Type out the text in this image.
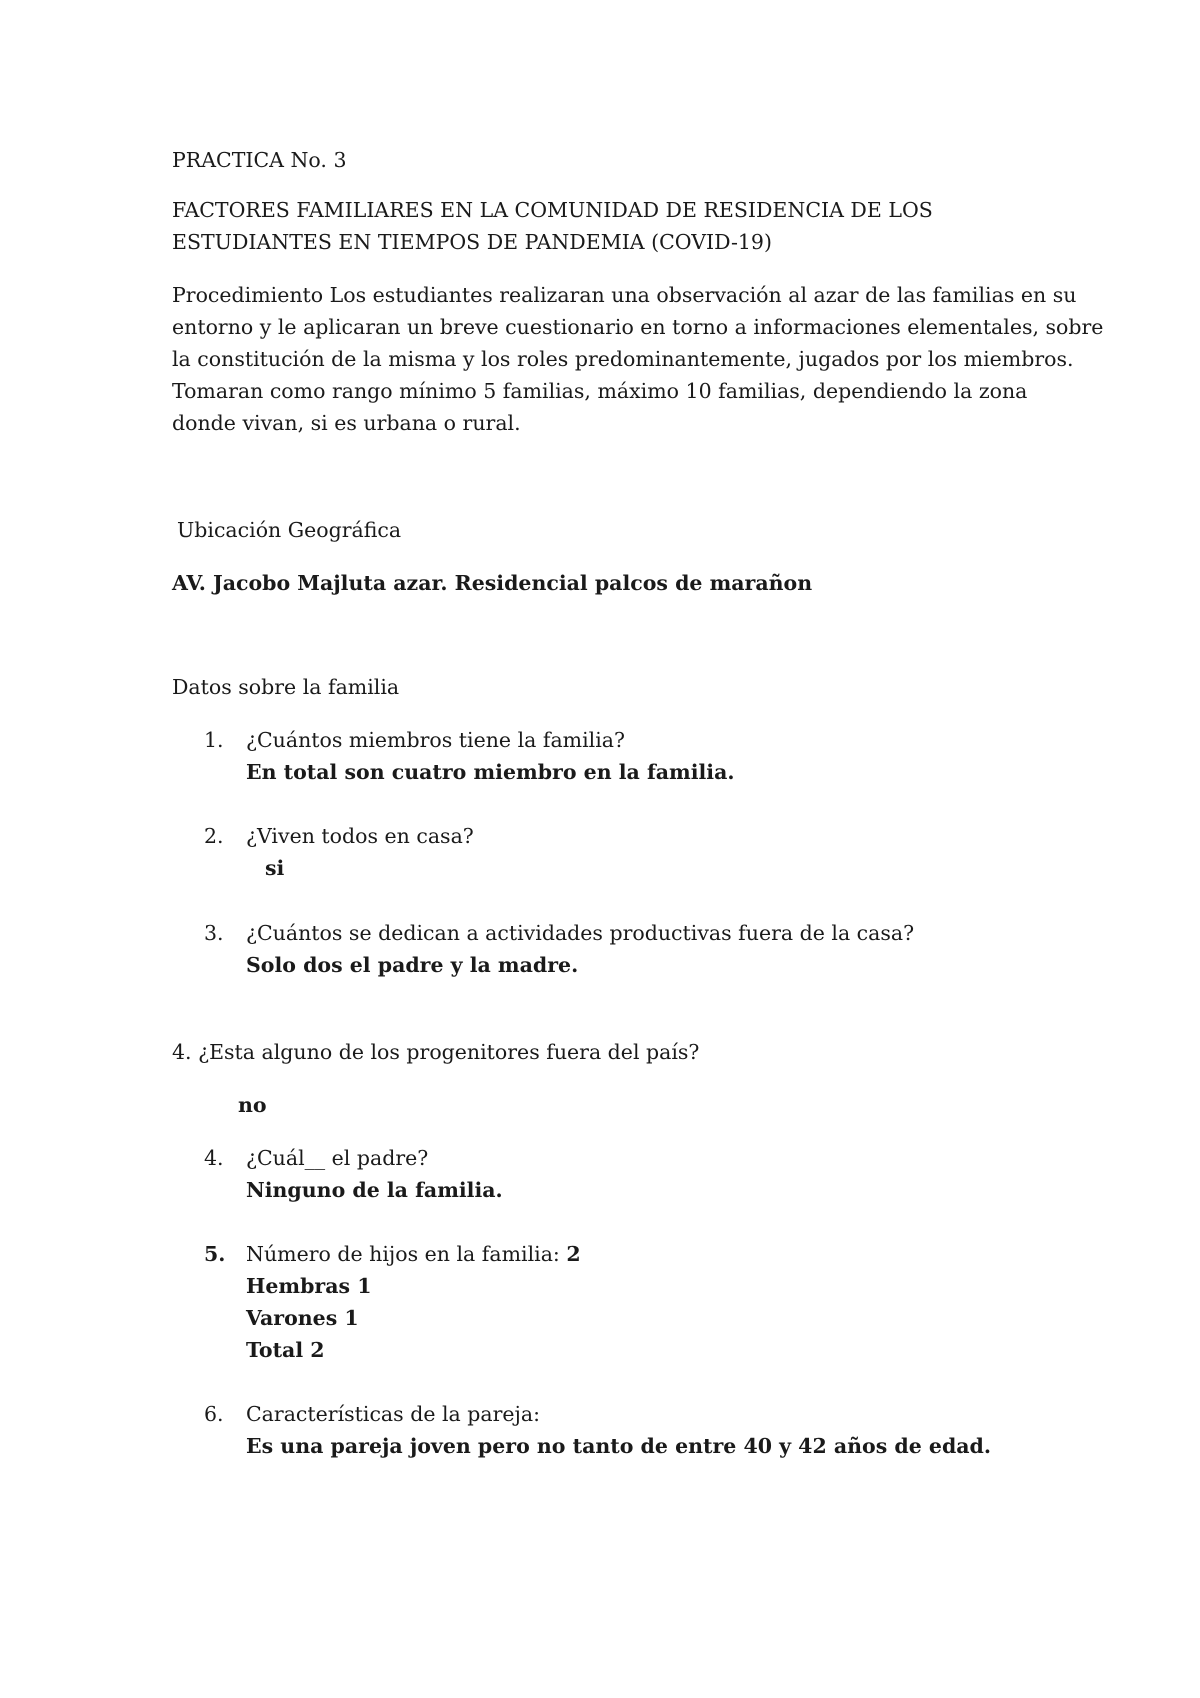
PRACTICA No. 3
FACTORES FAMILIARES EN LA COMUNIDAD DE RESIDENCIA DE LOS
ESTUDIANTES EN TIEMPOS DE PANDEMIA (COVID-19)
Procedimiento Los estudiantes realizaran una observación al azar de las familias en su
entorno y le aplicaran un breve cuestionario en torno a informaciones elementales, sobre
la constitución de la misma y los roles predominantemente, jugados por los miembros.
Tomaran como rango mínimo 5 familias, máximo 10 familias, dependiendo la zona
donde vivan, si es urbana o rural.
Ubicación Geográfica
AV. Jacobo Majluta azar. Residencial palcos de marañon
Datos sobre la familia
1.	¿Cuántos miembros tiene la familia?
En total son cuatro miembro en la familia.
2.	¿Viven todos en casa?
si
3.	¿Cuántos se dedican a actividades productivas fuera de la casa?
Solo dos el padre y la madre.
4. ¿Esta alguno de los progenitores fuera del país?
no
4.	¿Cuál__ el padre?
Ninguno de la familia.
5. Número de hijos en la familia: 2
Hembras 1
Varones 1
Total 2
6.	Características de la pareja:
Es una pareja joven pero no tanto de entre 40 y 42 años de edad.
